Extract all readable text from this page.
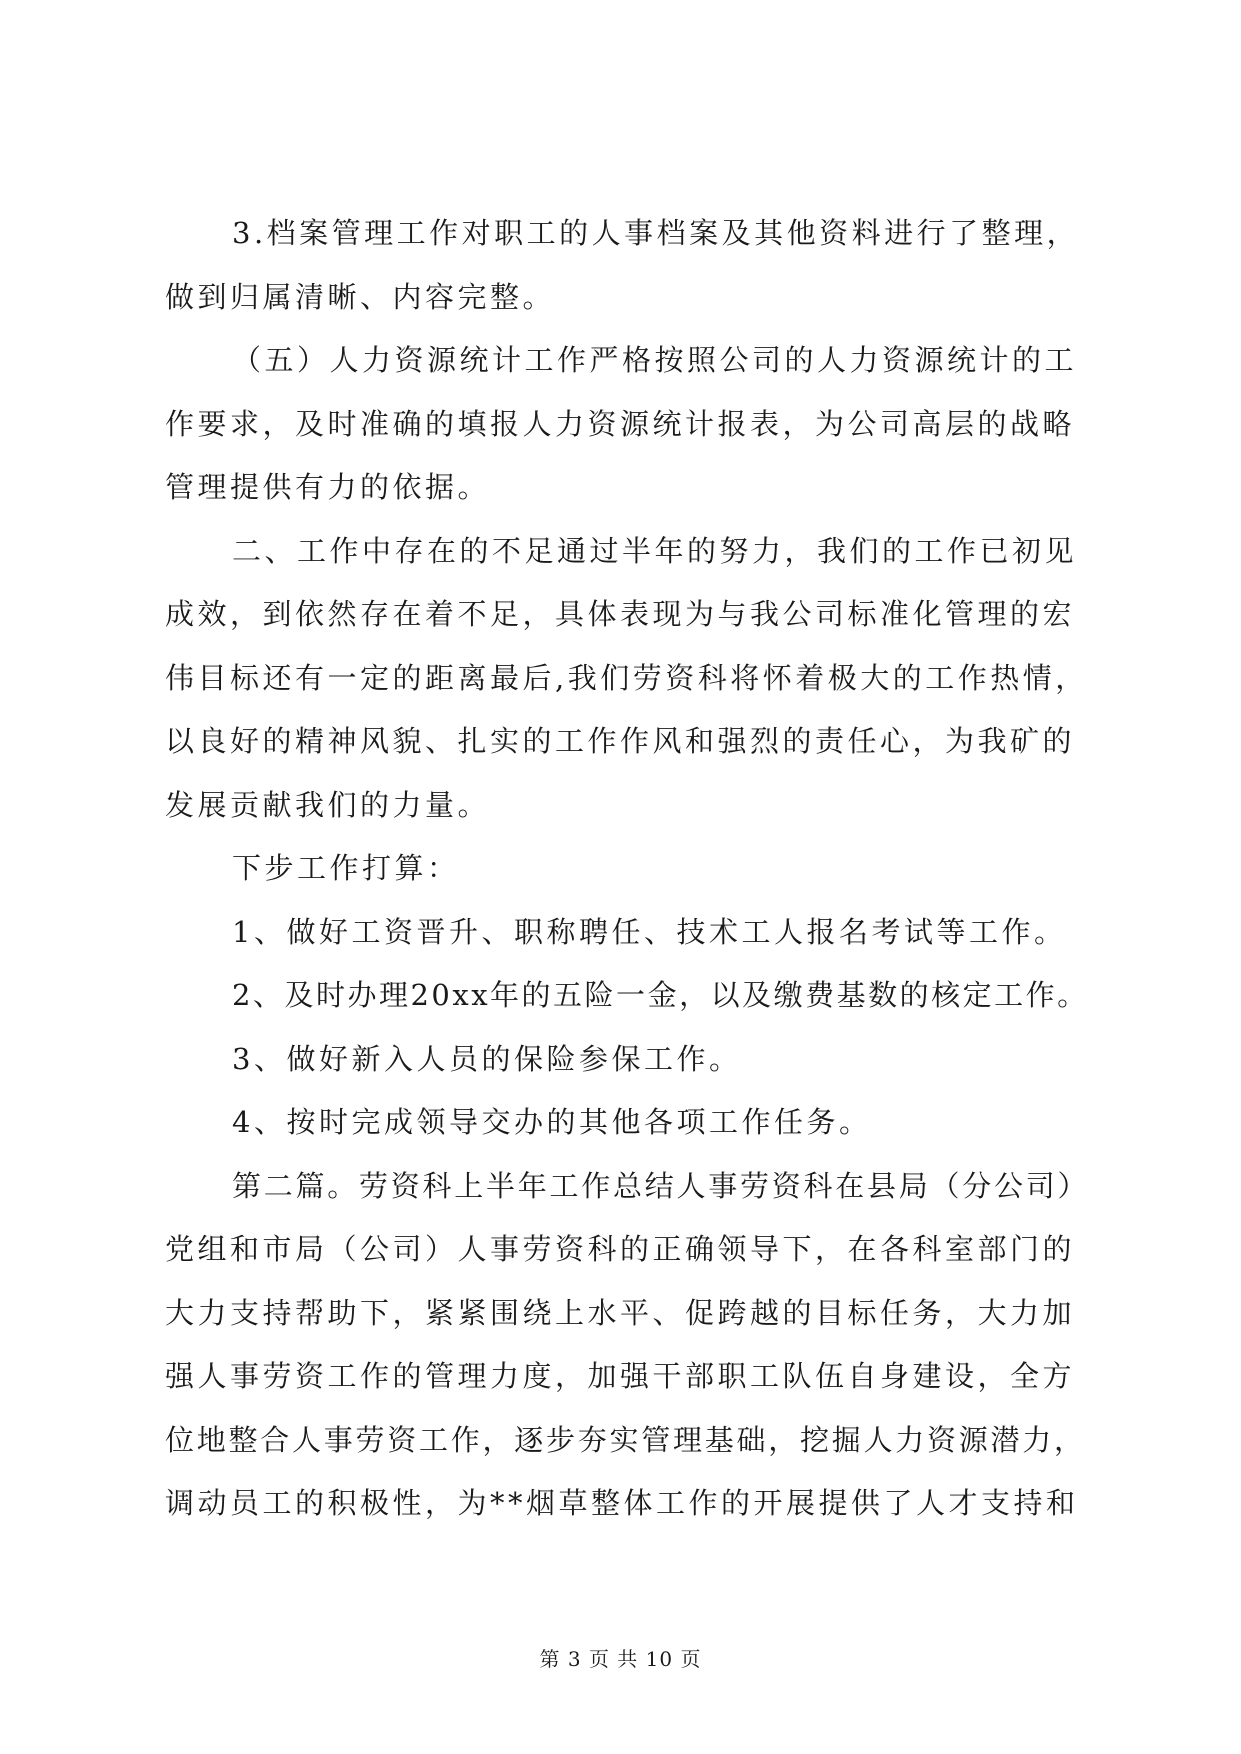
3.档案管理工作对职工的人事档案及其他资料进行了整理，
做到归属清晰、内容完整。
（五）人力资源统计工作严格按照公司的人力资源统计的工
作要求，及时准确的填报人力资源统计报表，为公司高层的战略
管理提供有力的依据。
二、工作中存在的不足通过半年的努力，我们的工作已初见
成效，到依然存在着不足，具体表现为与我公司标准化管理的宏
伟目标还有一定的距离最后,我们劳资科将怀着极大的工作热情，
以良好的精神风貌、扎实的工作作风和强烈的责任心，为我矿的
发展贡献我们的力量。
下步工作打算：
1、做好工资晋升、职称聘任、技术工人报名考试等工作。
2、及时办理20xx年的五险一金，以及缴费基数的核定工作。
3、做好新入人员的保险参保工作。
4、按时完成领导交办的其他各项工作任务。
第二篇。劳资科上半年工作总结人事劳资科在县局（分公司）
党组和市局（公司）人事劳资科的正确领导下，在各科室部门的
大力支持帮助下，紧紧围绕上水平、促跨越的目标任务，大力加
强人事劳资工作的管理力度，加强干部职工队伍自身建设，全方
位地整合人事劳资工作，逐步夯实管理基础，挖掘人力资源潜力，
调动员工的积极性，为**烟草整体工作的开展提供了人才支持和
第 3 页 共 10 页
